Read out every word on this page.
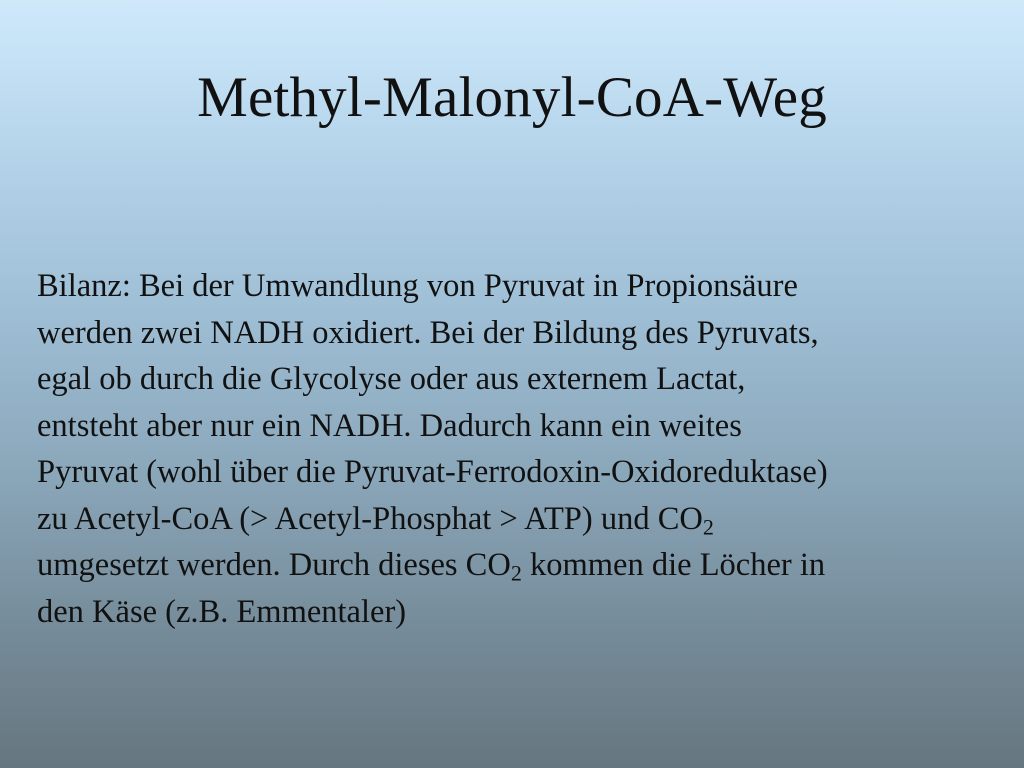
Methyl-Malonyl-CoA-Weg
Bilanz: Bei der Umwandlung von Pyruvat in Propionsäure
werden zwei NADH oxidiert. Bei der Bildung des Pyruvats,
egal ob durch die Glycolyse oder aus externem Lactat,
entsteht aber nur ein NADH. Dadurch kann ein weites
Pyruvat (wohl über die Pyruvat-Ferrodoxin-Oxidoreduktase)
zu Acetyl-CoA (> Acetyl-Phosphat > ATP) und $CO_2$
umgesetzt werden. Durch dieses $CO_2$ kommen die Löcher in
den Käse (z.B. Emmentaler)
